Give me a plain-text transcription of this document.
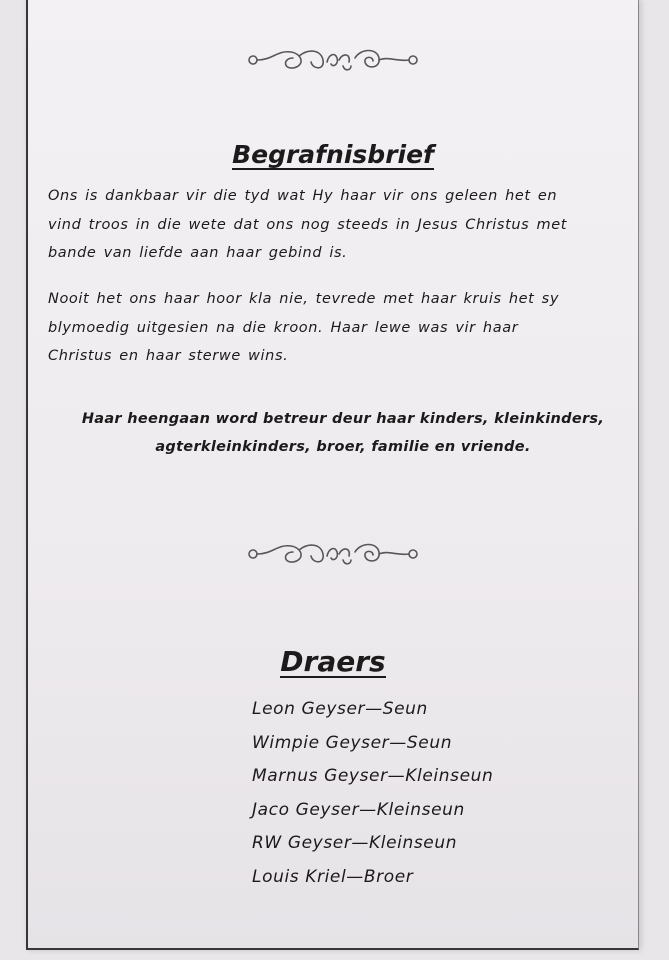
Begrafnisbrief

Ons is dankbaar vir die tyd wat Hy haar vir ons geleen het en

vind troos in die wete dat ons nog steeds in Jesus Christus met

bande van liefde aan haar gebind is.

Nooit het ons haar hoor kla nie, tevrede met haar kruis het sy

blymoedig uitgesien na die kroon. Haar lewe was vir haar

Christus en haar sterwe wins.

Haar heengaan word betreur deur haar kinders, kleinkinders,

agterkleinkinders, broer, familie en vriende.

Draers
Leon Geyser—Seun
Wimpie Geyser—Seun
Marnus Geyser—Kleinseun
Jaco Geyser—Kleinseun
RW Geyser—Kleinseun
Louis Kriel—Broer
